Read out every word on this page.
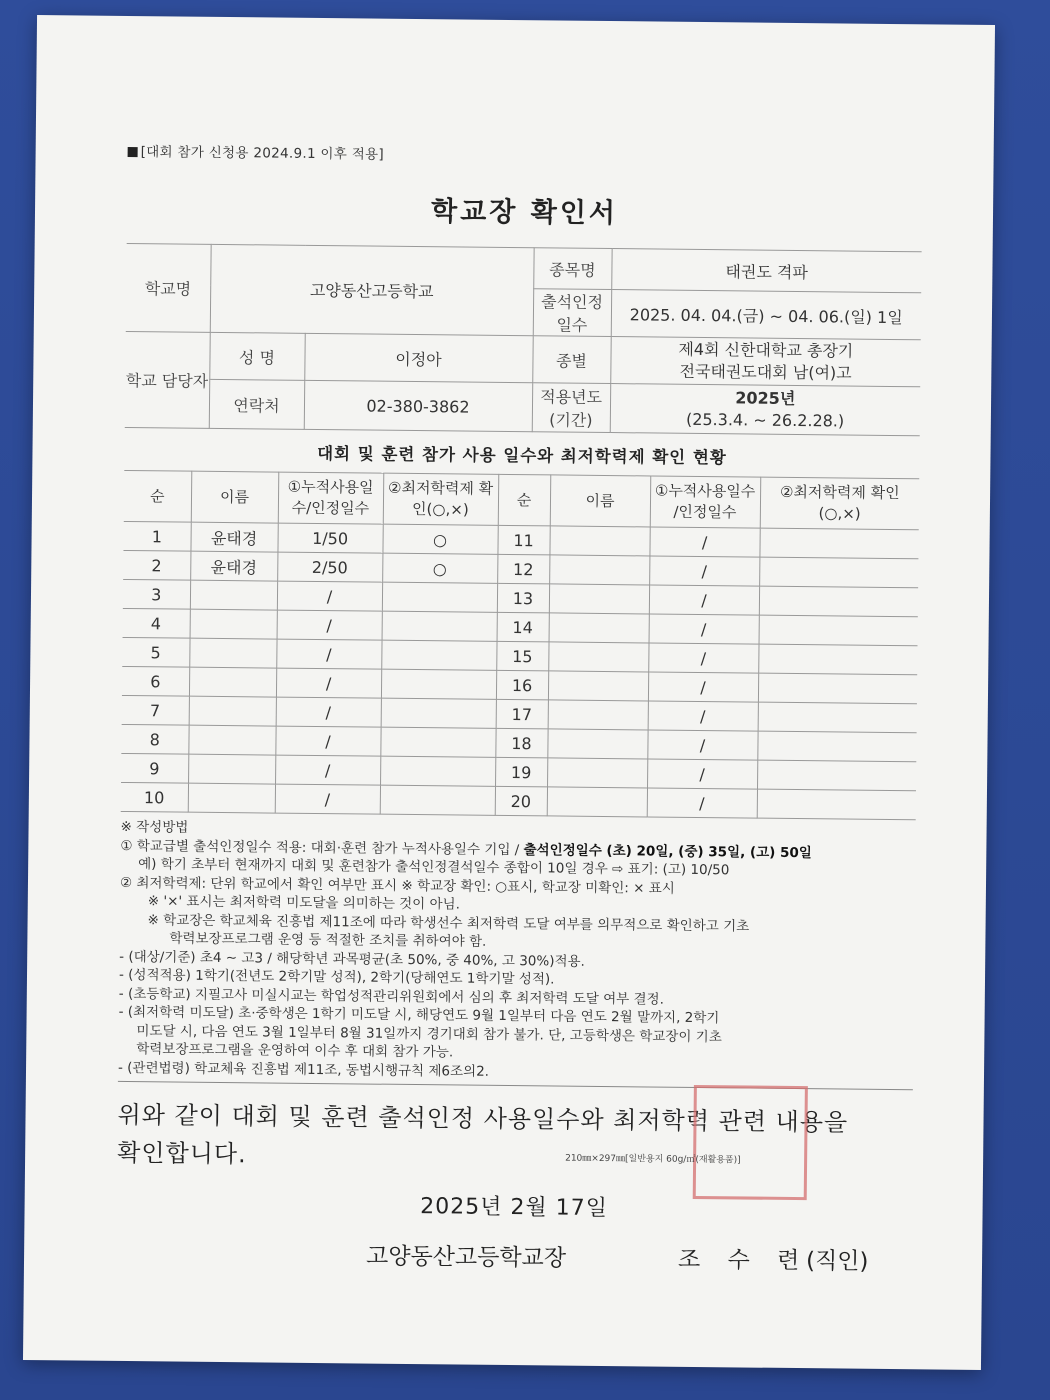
[대회 참가 신청용 2024.9.1 이후 적용]
학교장 확인서
학교명	고양동산고등학교		종목명	태권도 격파
			출석인정 일수	2025. 04. 04.(금) ~ 04. 06.(일) 1일
학교 담당자	성 명	이정아	종별	제4회 신한대학교 총장기
전국태권도대회 남(여)고

	연락처	02-380-3862	적용년도 (기간)	2025년
(25.3.4. ~ 26.2.28.)
대회 및 훈련 참가 사용 일수와 최저학력제 확인 현황
순	이름	①누적사용일수/인정일수	②최저학력제 확인(○,×)	순	이름	①누적사용일수 /인정일수	②최저학력제 확인(○,×)
1	윤태경	1/50	○	11		/	
2	윤태경	2/50	○	12		/	
3		/		13		/	
4		/		14		/	
5		/		15		/	
6		/		16		/	
7		/		17		/	
8		/		18		/	
9		/		19		/	
10		/		20		/	
※ 작성방법
① 학교급별 출석인정일수 적용: 대회·훈련 참가 누적사용일수 기입 / 출석인정일수 (초) 20일, (중) 35일, (고) 50일
예) 학기 초부터 현재까지 대회 및 훈련참가 출석인정결석일수 종합이 10일 경우 ⇨ 표기: (고) 10/50
② 최저학력제: 단위 학교에서 확인 여부만 표시 ※ 학교장 확인: ○표시, 학교장 미확인: × 표시
※ '×' 표시는 최저학력 미도달을 의미하는 것이 아님.
※ 학교장은 학교체육 진흥법 제11조에 따라 학생선수 최저학력 도달 여부를 의무적으로 확인하고 기초
학력보장프로그램 운영 등 적절한 조치를 취하여야 함.
- (대상/기준) 초4 ~ 고3 / 해당학년 과목평균(초 50%, 중 40%, 고 30%)적용.
- (성적적용) 1학기(전년도 2학기말 성적), 2학기(당해연도 1학기말 성적).
- (초등학교) 지필고사 미실시교는 학업성적관리위원회에서 심의 후 최저학력 도달 여부 결정.
- (최저학력 미도달) 초·중학생은 1학기 미도달 시, 해당연도 9월 1일부터 다음 연도 2월 말까지, 2학기
미도달 시, 다음 연도 3월 1일부터 8월 31일까지 경기대회 참가 불가. 단, 고등학생은 학교장이 기초
학력보장프로그램을 운영하여 이수 후 대회 참가 가능.
- (관련법령) 학교체육 진흥법 제11조, 동법시행규칙 제6조의2.
위와 같이 대회 및 훈련 출석인정 사용일수와 최저학력 관련 내용을
확인합니다.
2025년 2월 17일
고양동산고등학교장	조 수 련
(직인)
210㎜×297㎜[일반용지 60g/㎡(재활용품)]
